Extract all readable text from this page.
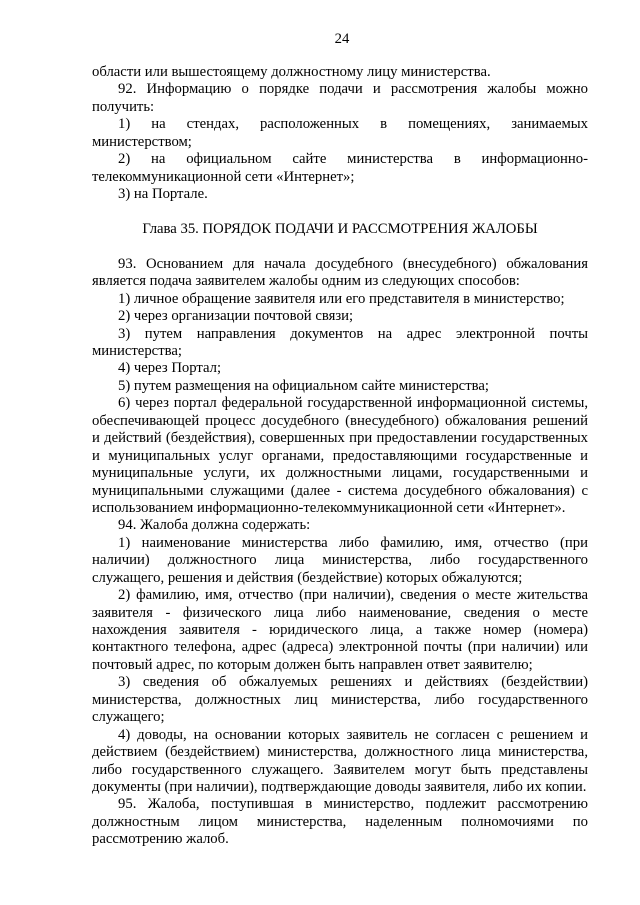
24
области или вышестоящему должностному лицу министерства.
92. Информацию о порядке подачи и рассмотрения жалобы можно
получить:
1) на стендах, расположенных в помещениях, занимаемых
министерством;
2) на официальном сайте министерства в информационно-
телекоммуникационной сети «Интернет»;
3) на Портале.
Глава 35. ПОРЯДОК ПОДАЧИ И РАССМОТРЕНИЯ ЖАЛОБЫ
93. Основанием для начала досудебного (внесудебного) обжалования
является подача заявителем жалобы одним из следующих способов:
1) личное обращение заявителя или его представителя в министерство;
2) через организации почтовой связи;
3) путем направления документов на адрес электронной почты
министерства;
4) через Портал;
5) путем размещения на официальном сайте министерства;
6) через портал федеральной государственной информационной системы,
обеспечивающей процесс досудебного (внесудебного) обжалования решений
и действий (бездействия), совершенных при предоставлении государственных
и муниципальных услуг органами, предоставляющими государственные и
муниципальные услуги, их должностными лицами, государственными и
муниципальными служащими (далее - система досудебного обжалования) с
использованием информационно-телекоммуникационной сети «Интернет».
94. Жалоба должна содержать:
1) наименование министерства либо фамилию, имя, отчество (при
наличии) должностного лица министерства, либо государственного
служащего, решения и действия (бездействие) которых обжалуются;
2) фамилию, имя, отчество (при наличии), сведения о месте жительства
заявителя - физического лица либо наименование, сведения о месте
нахождения заявителя - юридического лица, а также номер (номера)
контактного телефона, адрес (адреса) электронной почты (при наличии) или
почтовый адрес, по которым должен быть направлен ответ заявителю;
3) сведения об обжалуемых решениях и действиях (бездействии)
министерства, должностных лиц министерства, либо государственного
служащего;
4) доводы, на основании которых заявитель не согласен с решением и
действием (бездействием) министерства, должностного лица министерства,
либо государственного служащего. Заявителем могут быть представлены
документы (при наличии), подтверждающие доводы заявителя, либо их копии.
95. Жалоба, поступившая в министерство, подлежит рассмотрению
должностным лицом министерства, наделенным полномочиями по
рассмотрению жалоб.
